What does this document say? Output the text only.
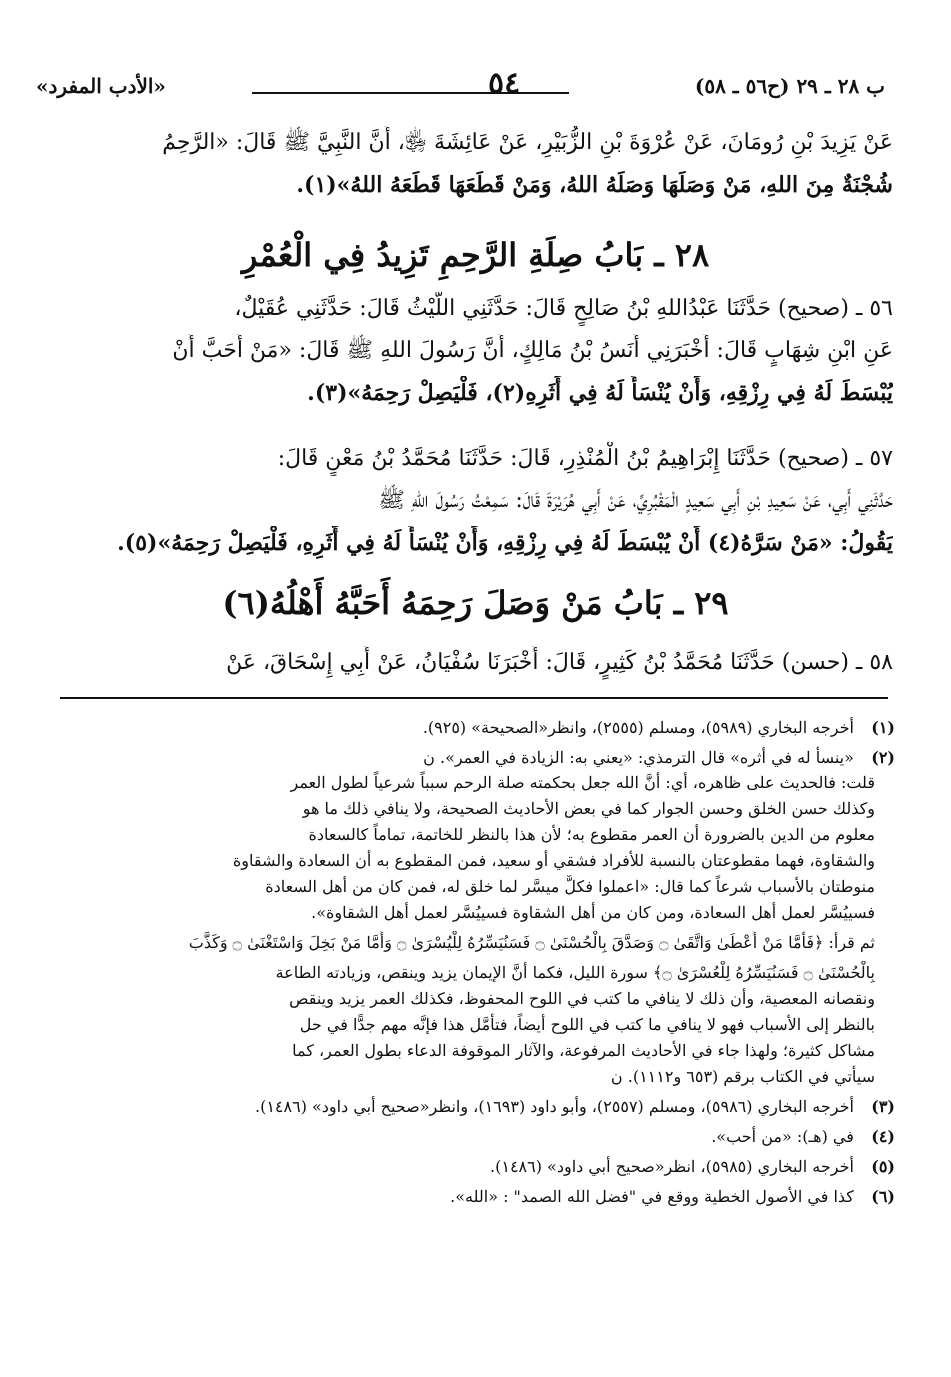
ب ٢٨ ـ ٢٩ (ح٥٦ ـ ٥٨)
٥٤
«الأدب المفرد»
عَنْ يَزِيدَ بْنِ رُومَانَ، عَنْ عُرْوَةَ بْنِ الزُّبَيْرِ، عَنْ عَائِشَةَ ﵂، أَنَّ النَّبِيَّ ﷺ قَالَ: «الرَّحِمُ
شُجْنَةٌ مِنَ اللهِ، مَنْ وَصَلَهَا وَصَلَهُ اللهُ، وَمَنْ قَطَعَهَا قَطَعَهُ اللهُ»(١).
٢٨ ـ بَابُ صِلَةِ الرَّحِمِ تَزِيدُ فِي الْعُمْرِ
٥٦ ـ (صحيح) حَدَّثَنَا عَبْدُاللهِ بْنُ صَالِحٍ قَالَ: حَدَّثَنِي اللَّيْثُ قَالَ: حَدَّثَنِي عُقَيْلٌ،
عَنِ ابْنِ شِهَابٍ قَالَ: أَخْبَرَنِي أَنَسُ بْنُ مَالِكٍ، أَنَّ رَسُولَ اللهِ ﷺ قَالَ: «مَنْ أَحَبَّ أَنْ
يُبْسَطَ لَهُ فِي رِزْقِهِ، وَأَنْ يُنْسَأَ لَهُ فِي أَثَرِهِ(٢)، فَلْيَصِلْ رَحِمَهُ»(٣).
٥٧ ـ (صحيح) حَدَّثَنَا إِبْرَاهِيمُ بْنُ الْمُنْذِرِ، قَالَ: حَدَّثَنَا مُحَمَّدُ بْنُ مَعْنٍ قَالَ:
حَدَّثَنِي أَبِي، عَنْ سَعِيدِ بْنِ أَبِي سَعِيدٍ الْمَقْبُرِيِّ، عَنْ أَبِي هُرَيْرَةَ قَالَ: سَمِعْتُ رَسُولَ اللهِ ﷺ
يَقُولُ: «مَنْ سَرَّهُ(٤) أَنْ يُبْسَطَ لَهُ فِي رِزْقِهِ، وَأَنْ يُنْسَأَ لَهُ فِي أَثَرِهِ، فَلْيَصِلْ رَحِمَهُ»(٥).
٢٩ ـ بَابُ مَنْ وَصَلَ رَحِمَهُ أَحَبَّهُ أَهْلُهُ(٦)
٥٨ ـ (حسن) حَدَّثَنَا مُحَمَّدُ بْنُ كَثِيرٍ، قَالَ: أَخْبَرَنَا سُفْيَانُ، عَنْ أَبِي إِسْحَاقَ، عَنْ
(١) أخرجه البخاري (٥٩٨٩)، ومسلم (٢٥٥٥)، وانظر«الصحيحة» (٩٢٥).
(٢) «ينسأ له في أثره» قال الترمذي: «يعني به: الزيادة في العمر». ن
قلت: فالحديث على ظاهره، أي: أنَّ الله جعل بحكمته صلة الرحم سبباً شرعياً لطول العمر
وكذلك حسن الخلق وحسن الجوار كما في بعض الأحاديث الصحيحة، ولا ينافي ذلك ما هو
معلوم من الدين بالضرورة أن العمر مقطوع به؛ لأن هذا بالنظر للخاتمة، تماماً كالسعادة
والشقاوة، فهما مقطوعتان بالنسبة للأفراد فشقي أو سعيد، فمن المقطوع به أن السعادة والشقاوة
منوطتان بالأسباب شرعاً كما قال: «اعملوا فكلٌّ ميسَّر لما خلق له، فمن كان من أهل السعادة
فسييُسَّر لعمل أهل السعادة، ومن كان من أهل الشقاوة فسييُسَّر لعمل أهل الشقاوة».
ثم قرأ: ﴿فَأَمَّا مَنْ أَعْطَىٰ وَاتَّقَىٰ ۝ وَصَدَّقَ بِالْحُسْنَىٰ ۝ فَسَنُيَسِّرُهُ لِلْيُسْرَىٰ ۝ وَأَمَّا مَنْ بَخِلَ وَاسْتَغْنَىٰ ۝ وَكَذَّبَ
بِالْحُسْنَىٰ ۝ فَسَنُيَسِّرُهُ لِلْعُسْرَىٰ ۝﴾ سورة الليل، فكما أنَّ الإيمان يزيد وينقص، وزيادته الطاعة
ونقصانه المعصية، وأن ذلك لا ينافي ما كتب في اللوح المحفوظ، فكذلك العمر يزيد وينقص
بالنظر إلى الأسباب فهو لا ينافي ما كتب في اللوح أيضاً، فتأمَّل هذا فإنَّه مهم جدًّا في حل
مشاكل كثيرة؛ ولهذا جاء في الأحاديث المرفوعة، والآثار الموقوفة الدعاء بطول العمر، كما
سيأتي في الكتاب برقم (٦٥٣ و١١١٢). ن
(٣) أخرجه البخاري (٥٩٨٦)، ومسلم (٢٥٥٧)، وأبو داود (١٦٩٣)، وانظر«صحيح أبي داود» (١٤٨٦).
(٤) في (هـ): «من أحب».
(٥) أخرجه البخاري (٥٩٨٥)، انظر«صحيح أبي داود» (١٤٨٦).
(٦) كذا في الأصول الخطية ووقع في "فضل الله الصمد" : «الله».
